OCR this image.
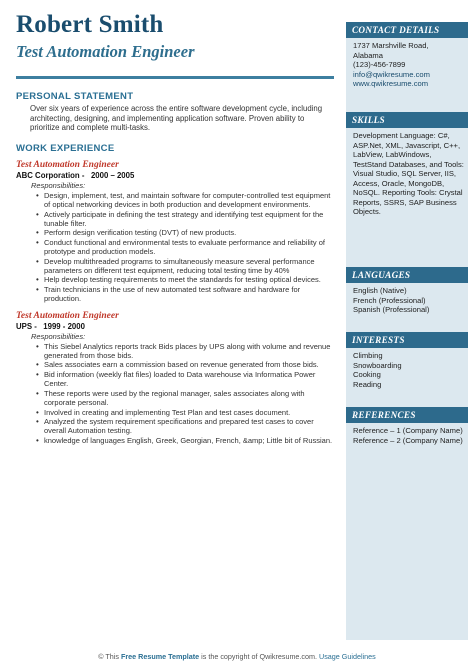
Robert Smith
Test Automation Engineer
PERSONAL STATEMENT
Over six years of experience across the entire software development cycle, including architecting, designing, and implementing application software. Proven ability to prioritize and complete multi-tasks.
WORK EXPERIENCE
Test Automation Engineer
ABC Corporation - 2000 – 2005
Responsibilities:
• Design, implement, test, and maintain software for computer-controlled test equipment of optical networking devices in both production and development environments.
• Actively participate in defining the test strategy and identifying test equipment for the tunable filter.
• Perform design verification testing (DVT) of new products.
• Conduct functional and environmental tests to evaluate performance and reliability of prototype and production models.
• Develop multithreaded programs to simultaneously measure several performance parameters on different test equipment, reducing total testing time by 40%
• Help develop testing requirements to meet the standards for testing optical devices.
• Train technicians in the use of new automated test software and hardware for production.
Test Automation Engineer
UPS - 1999 - 2000
Responsibilities:
• This Siebel Analytics reports track Bids places by UPS along with volume and revenue generated from those bids.
• Sales associates earn a commission based on revenue generated from those bids.
• Bid information (weekly flat files) loaded to Data warehouse via Informatica Power Center.
• These reports were used by the regional manager, sales associates along with corporate personal.
• Involved in creating and implementing Test Plan and test cases document.
• Analyzed the system requirement specifications and prepared test cases to cover overall Automation testing.
• knowledge of languages English, Greek, Georgian, French, &amp; Little bit of Russian.
CONTACT DETAILS
1737 Marshville Road,
Alabama
(123)-456-7899
info@qwikresume.com
www.qwikresume.com
SKILLS
Development Language: C#, ASP.Net, XML, Javascript, C++, LabView, LabWindows, TestStand Databases, and Tools: Visual Studio, SQL Server, IIS, Access, Oracle, MongoDB, NoSQL. Reporting Tools: Crystal Reports, SSRS, SAP Business Objects.
LANGUAGES
English (Native)
French (Professional)
Spanish (Professional)
INTERESTS
Climbing
Snowboarding
Cooking
Reading
REFERENCES
Reference – 1 (Company Name)
Reference – 2 (Company Name)
© This Free Resume Template is the copyright of Qwikresume.com. Usage Guidelines
